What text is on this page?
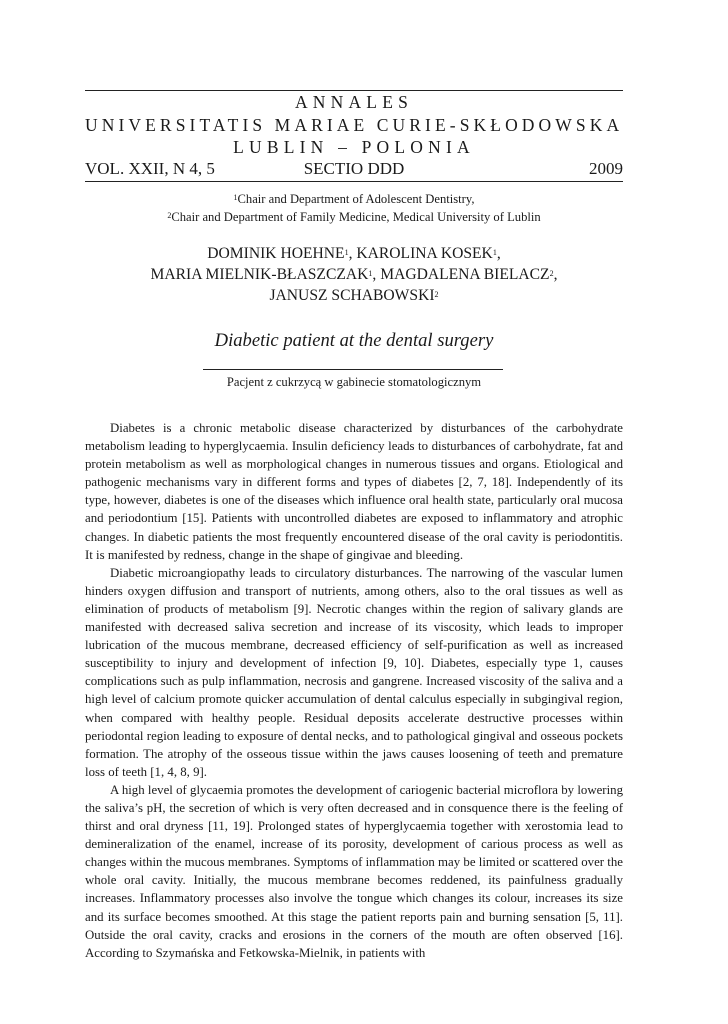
ANNALES
UNIVERSITATIS MARIAE CURIE-SKŁODOWSKA
LUBLIN – POLONIA
VOL. XXII, N 4, 5	SECTIO DDD	2009
$^1$Chair and Department of Adolescent Dentistry,
$^2$Chair and Department of Family Medicine, Medical University of Lublin
DOMINIK HOEHNE$^1$, KAROLINA KOSEK$^1$,
MARIA MIELNIK-BŁASZCZAK$^1$, MAGDALENA BIELACZ$^2$,
JANUSZ SCHABOWSKI$^2$
Diabetic patient at the dental surgery
Pacjent z cukrzycą w gabinecie stomatologicznym

Diabetes is a chronic metabolic disease characterized by disturbances of the carbohydrate metabolism leading to hyperglycaemia. Insulin deficiency leads to disturbances of carbohydrate, fat and protein metabolism as well as morphological changes in numerous tissues and organs. Etiological and pathogenic mechanisms vary in different forms and types of diabetes [2, 7, 18]. Independently of its type, however, diabetes is one of the diseases which influence oral health state, particularly oral mucosa and periodontium [15]. Patients with uncontrolled diabetes are exposed to inflammatory and atrophic changes. In diabetic patients the most frequently encountered disease of the oral cavity is periodontitis. It is manifested by redness, change in the shape of gingivae and bleeding.

Diabetic microangiopathy leads to circulatory disturbances. The narrowing of the vascular lumen hinders oxygen diffusion and transport of nutrients, among others, also to the oral tissues as well as elimination of products of metabolism [9]. Necrotic changes within the region of salivary glands are manifested with decreased saliva secretion and increase of its viscosity, which leads to improper lubrication of the mucous membrane, decreased efficiency of self-purification as well as increased susceptibility to injury and development of infection [9, 10]. Diabetes, especially type 1, causes complications such as pulp inflammation, necrosis and gangrene. Increased viscosity of the saliva and a high level of calcium promote quicker accumulation of dental calculus especially in subgingival region, when compared with healthy people. Residual deposits accelerate destructive processes within periodontal region leading to exposure of dental necks, and to pathological gingival and osseous pockets formation. The atrophy of the osseous tissue within the jaws causes loosening of teeth and premature loss of teeth [1, 4, 8, 9].

A high level of glycaemia promotes the development of cariogenic bacterial microflora by lowering the saliva’s pH, the secretion of which is very often decreased and in consquence there is the feeling of thirst and oral dryness [11, 19]. Prolonged states of hyperglycaemia together with xerostomia lead to demineralization of the enamel, increase of its porosity, development of carious process as well as changes within the mucous membranes. Symptoms of inflammation may be limited or scattered over the whole oral cavity. Initially, the mucous membrane becomes reddened, its painfulness gradually increases. Inflammatory processes also involve the tongue which changes its colour, increases its size and its surface becomes smoothed. At this stage the patient reports pain and burning sensation [5, 11]. Outside the oral cavity, cracks and erosions in the corners of the mouth are often observed [16]. According to Szymańska and Fetkowska-Mielnik, in patients with
